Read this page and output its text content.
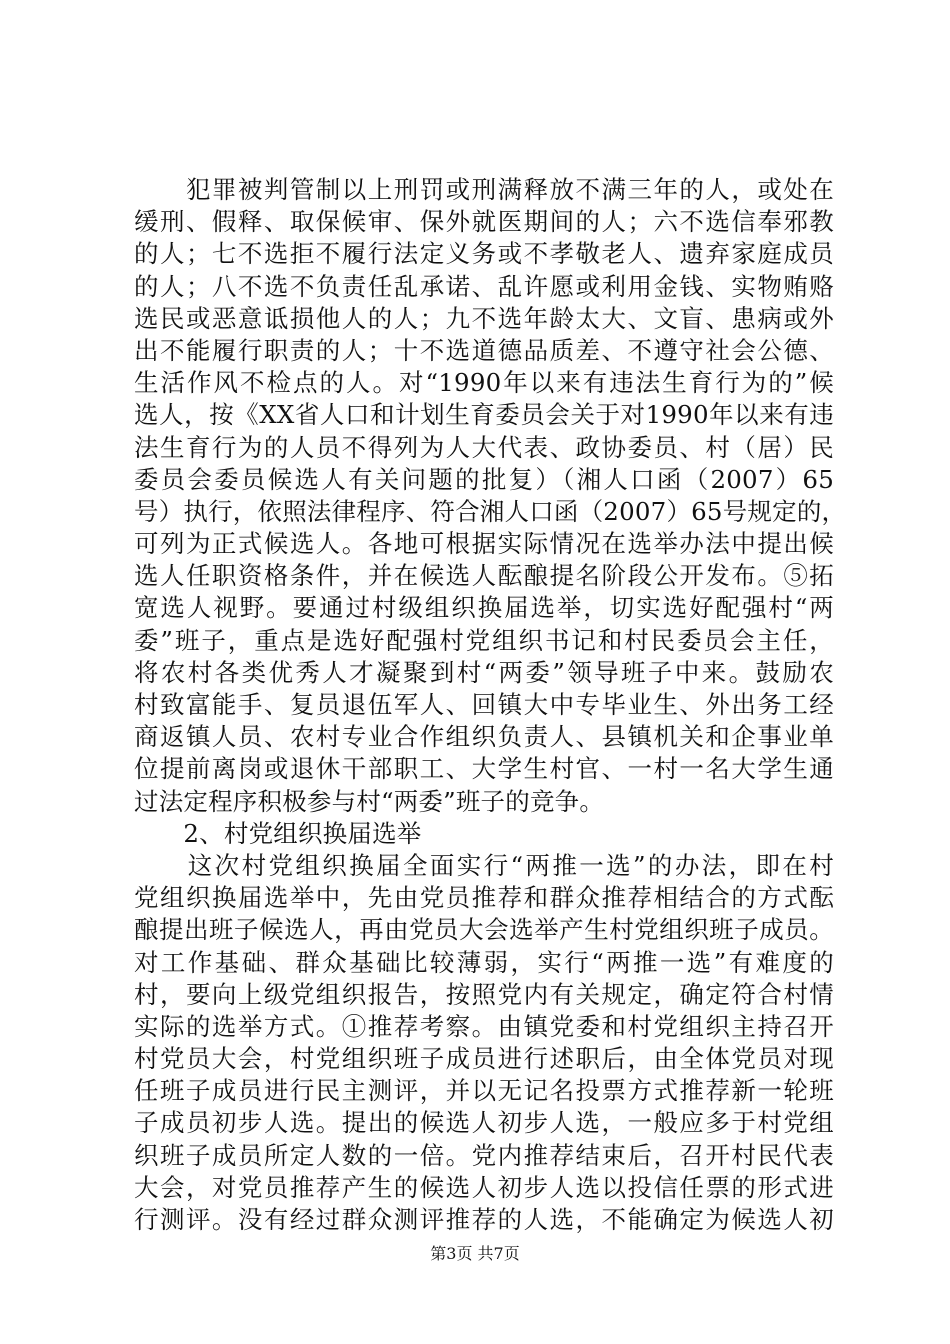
　　犯罪被判管制以上刑罚或刑满释放不满三年的人，或处在
缓刑、假释、取保候审、保外就医期间的人；六不选信奉邪教
的人；七不选拒不履行法定义务或不孝敬老人、遗弃家庭成员
的人；八不选不负责任乱承诺、乱许愿或利用金钱、实物贿赂
选民或恶意诋损他人的人；九不选年龄太大、文盲、患病或外
出不能履行职责的人；十不选道德品质差、不遵守社会公德、
生活作风不检点的人。对“1990年以来有违法生育行为的”候
选人，按《XX省人口和计划生育委员会关于对1990年以来有违
法生育行为的人员不得列为人大代表、政协委员、村（居）民
委员会委员候选人有关问题的批复）（湘人口函（2007）65
号）执行，依照法律程序、符合湘人口函（2007）65号规定的，
可列为正式候选人。各地可根据实际情况在选举办法中提出候
选人任职资格条件，并在候选人酝酿提名阶段公开发布。⑤拓
宽选人视野。要通过村级组织换届选举，切实选好配强村“两
委”班子，重点是选好配强村党组织书记和村民委员会主任，
将农村各类优秀人才凝聚到村“两委”领导班子中来。鼓励农
村致富能手、复员退伍军人、回镇大中专毕业生、外出务工经
商返镇人员、农村专业合作组织负责人、县镇机关和企事业单
位提前离岗或退休干部职工、大学生村官、一村一名大学生通
过法定程序积极参与村“两委”班子的竞争。
　　2、村党组织换届选举
　　这次村党组织换届全面实行“两推一选”的办法，即在村
党组织换届选举中，先由党员推荐和群众推荐相结合的方式酝
酿提出班子候选人，再由党员大会选举产生村党组织班子成员。
对工作基础、群众基础比较薄弱，实行“两推一选”有难度的
村，要向上级党组织报告，按照党内有关规定，确定符合村情
实际的选举方式。①推荐考察。由镇党委和村党组织主持召开
村党员大会，村党组织班子成员进行述职后，由全体党员对现
任班子成员进行民主测评，并以无记名投票方式推荐新一轮班
子成员初步人选。提出的候选人初步人选，一般应多于村党组
织班子成员所定人数的一倍。党内推荐结束后，召开村民代表
大会，对党员推荐产生的候选人初步人选以投信任票的形式进
行测评。没有经过群众测评推荐的人选，不能确定为候选人初
第3页 共7页
